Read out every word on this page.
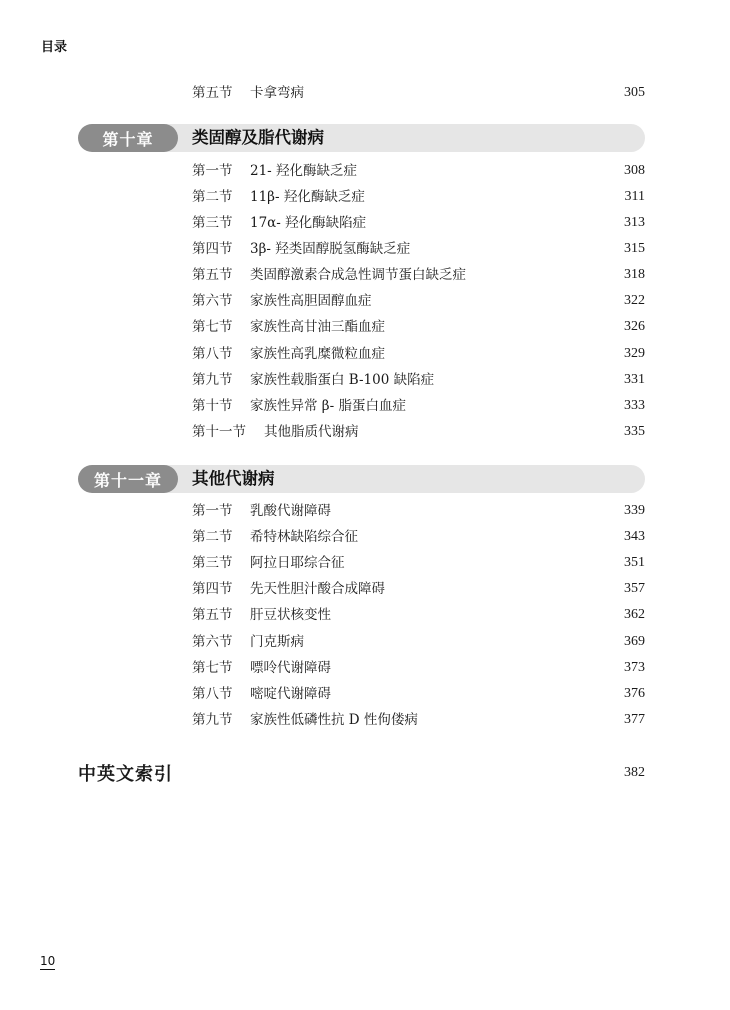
目录
第五节	卡拿弯病	305
第十章	类固醇及脂代谢病
第一节	21- 羟化酶缺乏症	308
第二节	11β- 羟化酶缺乏症	311
第三节	17α- 羟化酶缺陷症	313
第四节	3β- 羟类固醇脱氢酶缺乏症	315
第五节	类固醇激素合成急性调节蛋白缺乏症	318
第六节	家族性高胆固醇血症	322
第七节	家族性高甘油三酯血症	326
第八节	家族性高乳糜微粒血症	329
第九节	家族性载脂蛋白 B-100 缺陷症	331
第十节	家族性异常 β- 脂蛋白血症	333
第十一节	其他脂质代谢病	335
第十一章	其他代谢病
第一节	乳酸代谢障碍	339
第二节	希特林缺陷综合征	343
第三节	阿拉日耶综合征	351
第四节	先天性胆汁酸合成障碍	357
第五节	肝豆状核变性	362
第六节	门克斯病	369
第七节	嘌呤代谢障碍	373
第八节	嘧啶代谢障碍	376
第九节	家族性低磷性抗 D 性佝偻病	377
中英文索引	382
10
